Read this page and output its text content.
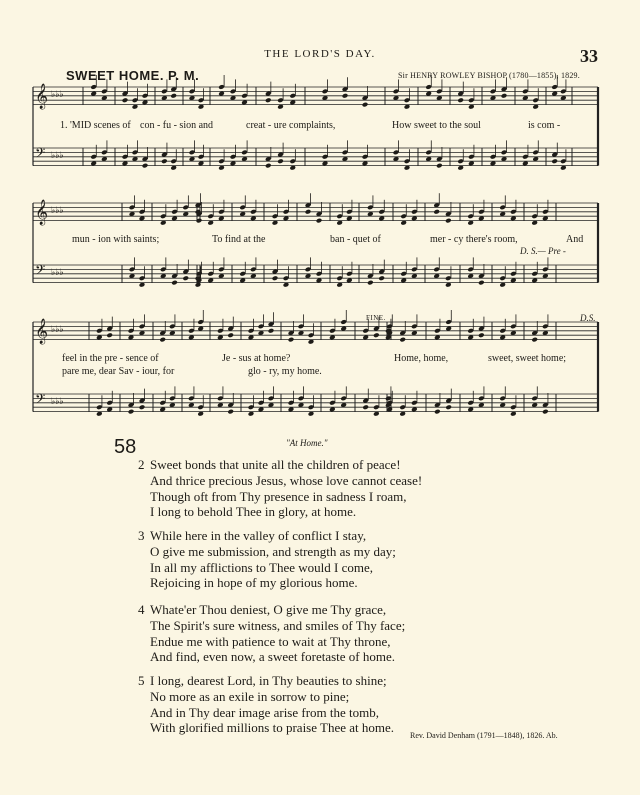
THE LORD'S DAY.	33
SWEET HOME. P. M.	Sir HENRY ROWLEY BISHOP (1780—1855), 1829.
𝄞 ♭♭♭
𝄢 ♭♭♭
𝄞 ♭♭♭
𝄢 ♭♭♭
𝄞 ♭♭♭
𝄢 ♭♭♭
1. 'MID scenes of con - fu - sion and	creat - ure complaints,	How sweet to the soul	is com -
mun - ion with saints;	To find at the	ban - quet of	mer - cy there's room,	And
D. S.— Pre -
feel in the pre - sence of	Je - sus at home?	Home, home,	sweet, sweet home;
pare me, dear Sav - iour, for	glo - ry, my home.
FINE.	D.S.
58	"At Home."
2 Sweet bonds that unite all the children of peace!
And thrice precious Jesus, whose love cannot cease!
Though oft from Thy presence in sadness I roam,
I long to behold Thee in glory, at home.
3 While here in the valley of conflict I stay,
O give me submission, and strength as my day;
In all my afflictions to Thee would I come,
Rejoicing in hope of my glorious home.
4 Whate'er Thou deniest, O give me Thy grace,
The Spirit's sure witness, and smiles of Thy face;
Endue me with patience to wait at Thy throne,
And find, even now, a sweet foretaste of home.
5 I long, dearest Lord, in Thy beauties to shine;
No more as an exile in sorrow to pine;
And in Thy dear image arise from the tomb,
With glorified millions to praise Thee at home.
Rev. David Denham (1791—1848), 1826. Ab.
